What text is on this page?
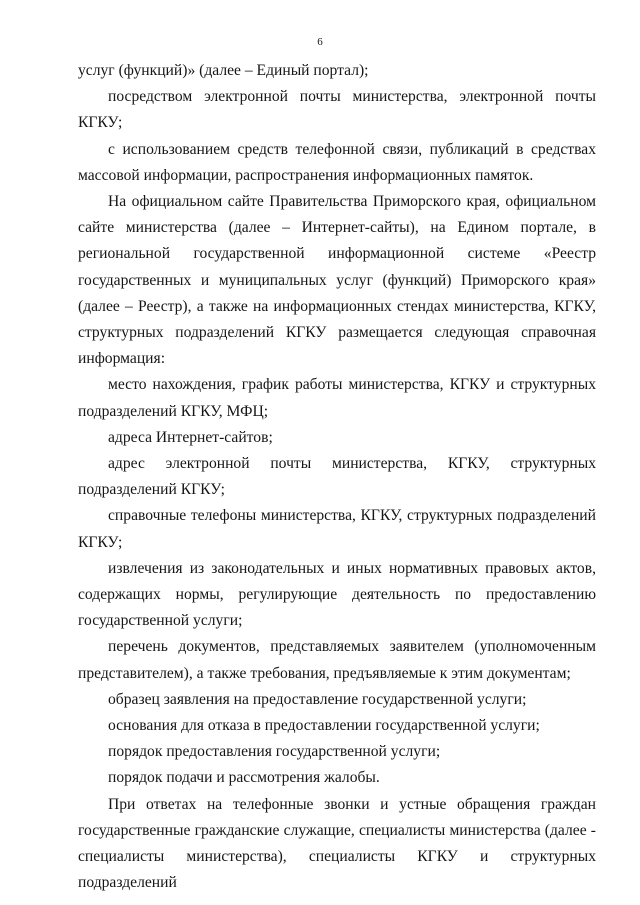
6

услуг (функций)» (далее – Единый портал);

посредством электронной почты министерства, электронной почты КГКУ;

с использованием средств телефонной связи, публикаций в средствах массовой информации, распространения информационных памяток.

На официальном сайте Правительства Приморского края, официальном сайте министерства (далее – Интернет-сайты), на Едином портале, в региональной государственной информационной системе «Реестр государственных и муниципальных услуг (функций) Приморского края» (далее – Реестр), а также на информационных стендах министерства, КГКУ, структурных подразделений КГКУ размещается следующая справочная информация:

место нахождения, график работы министерства, КГКУ и структурных подразделений КГКУ, МФЦ;

адреса Интернет-сайтов;

адрес электронной почты министерства, КГКУ, структурных подразделений КГКУ;

справочные телефоны министерства, КГКУ, структурных подразделений КГКУ;

извлечения из законодательных и иных нормативных правовых актов, содержащих нормы, регулирующие деятельность по предоставлению государственной услуги;

перечень документов, представляемых заявителем (уполномоченным представителем), а также требования, предъявляемые к этим документам;

образец заявления на предоставление государственной услуги;

основания для отказа в предоставлении государственной услуги;

порядок предоставления государственной услуги;

порядок подачи и рассмотрения жалобы.

При ответах на телефонные звонки и устные обращения граждан государственные гражданские служащие, специалисты министерства (далее - специалисты министерства), специалисты КГКУ и структурных подразделений
